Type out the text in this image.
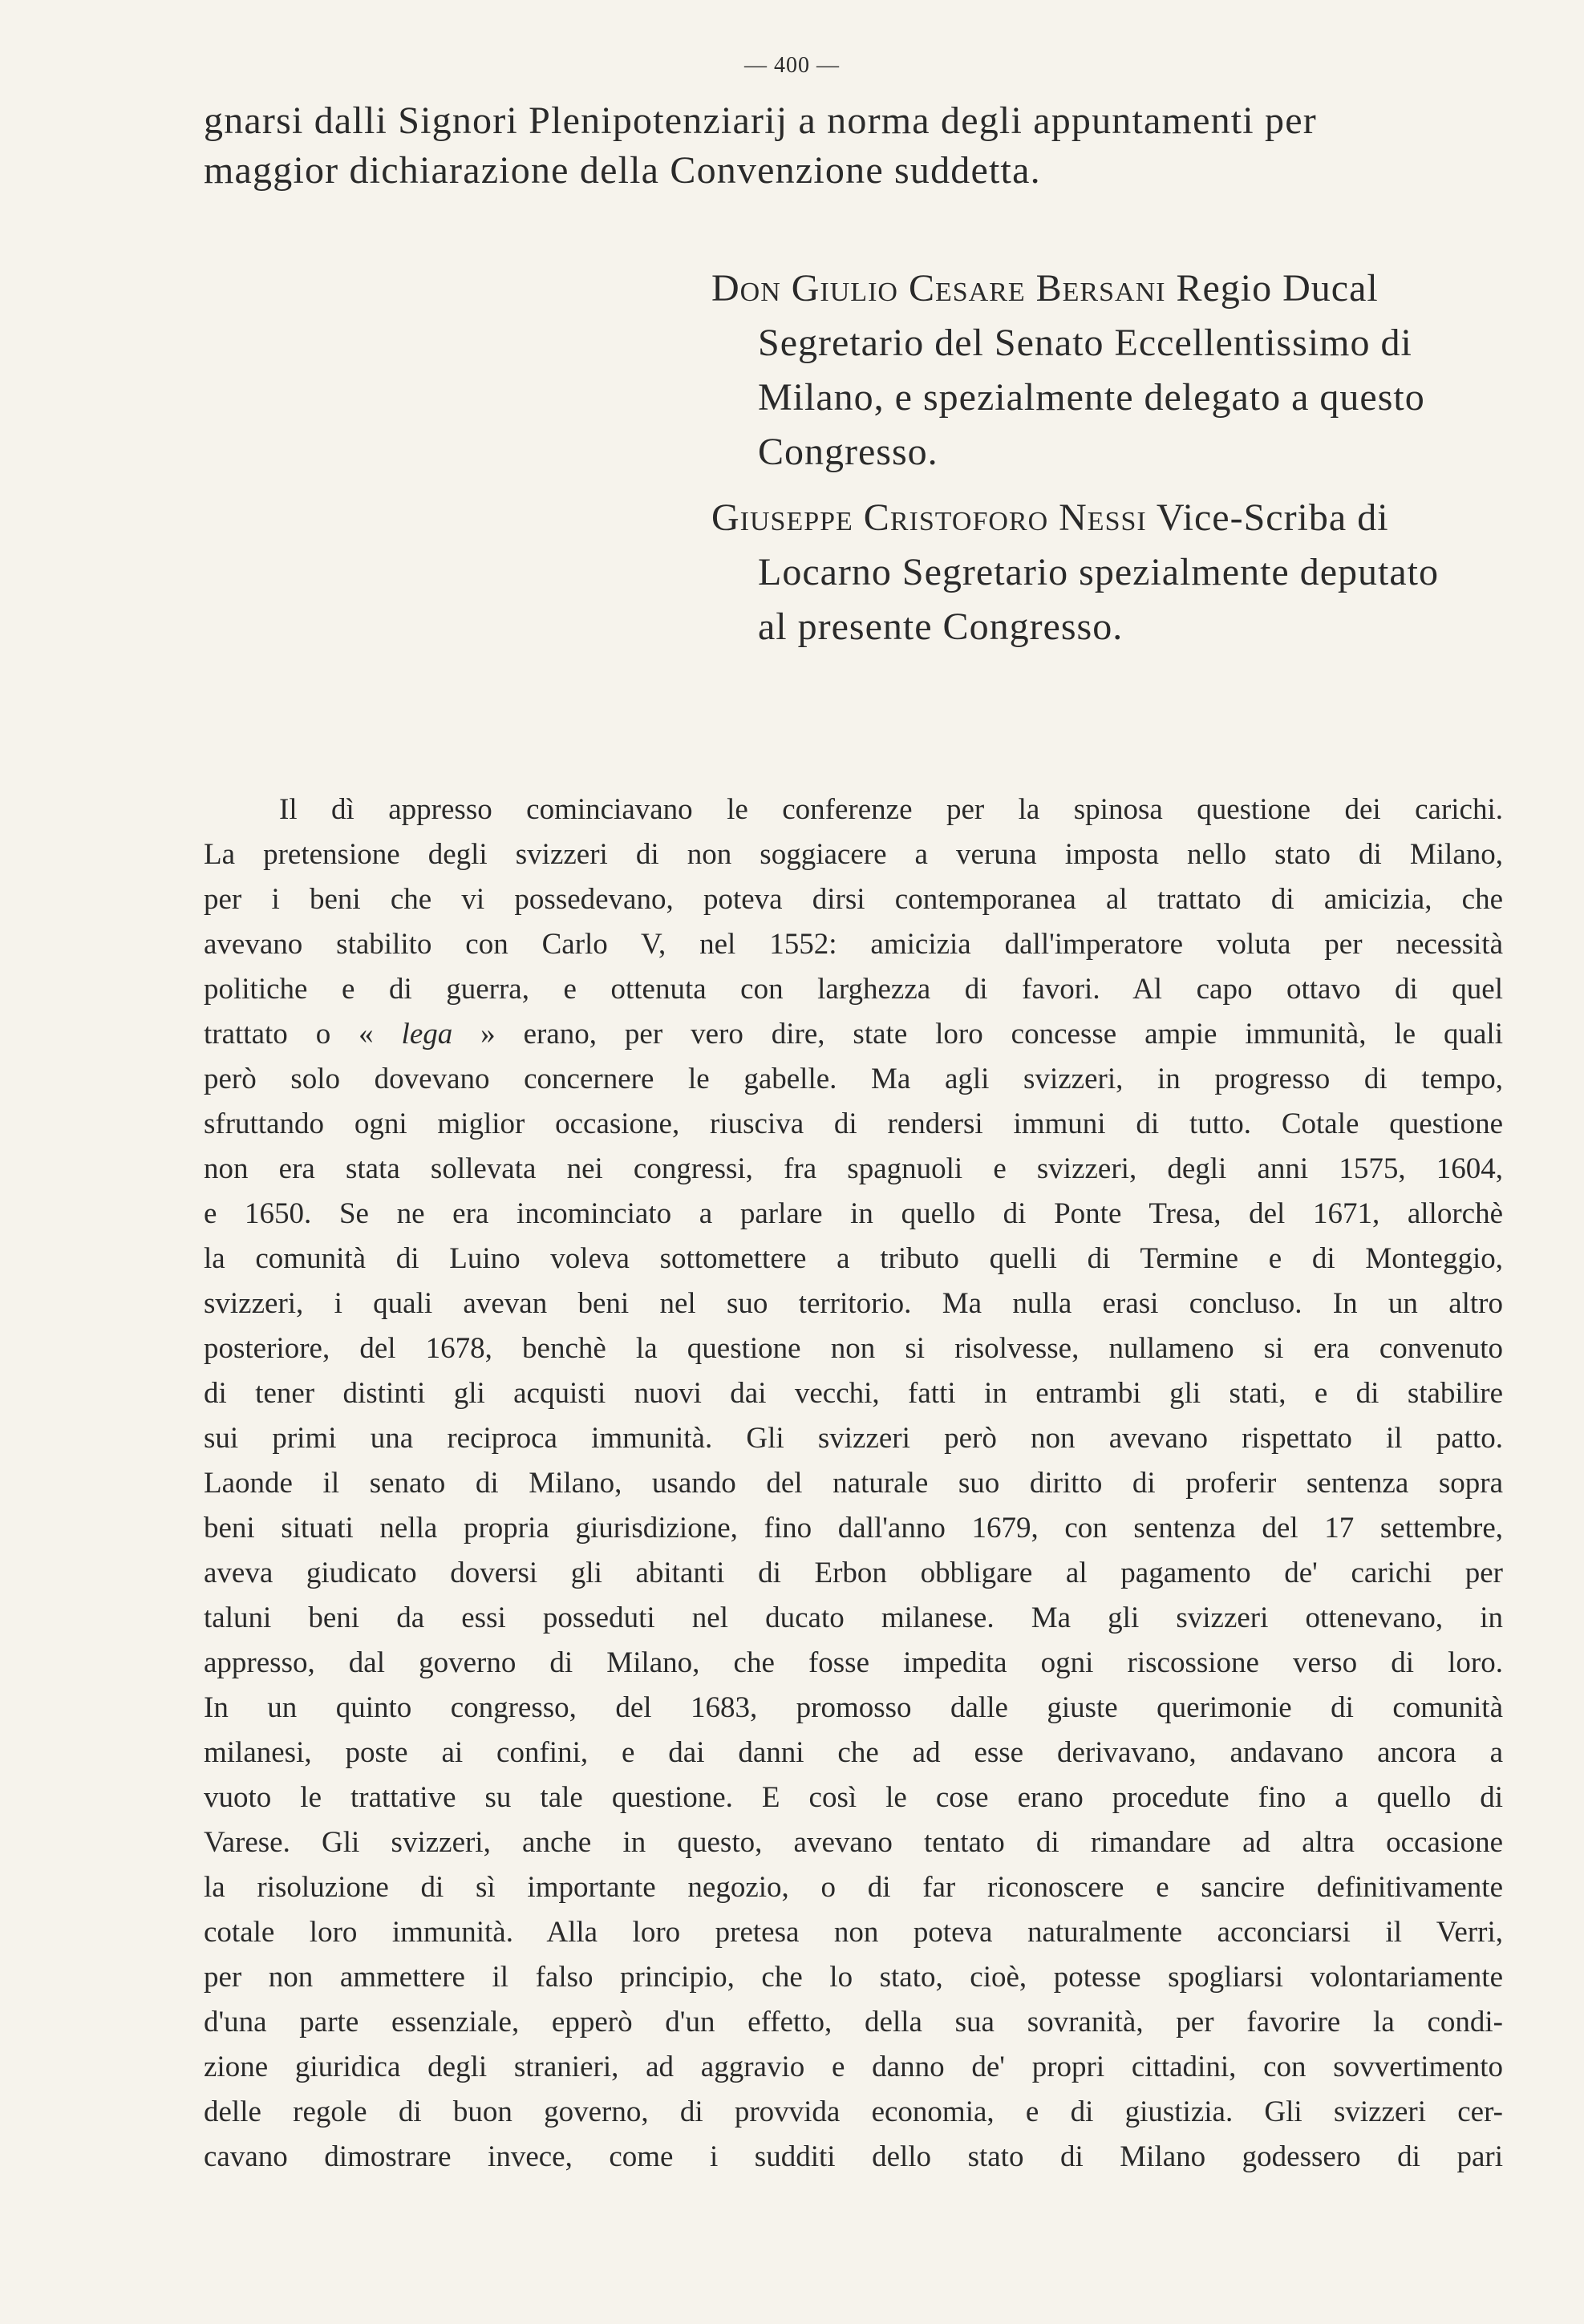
— 400 —
gnarsi dalli Signori Plenipotenziarij a norma degli appuntamenti per
maggior dichiarazione della Convenzione suddetta.
Don Giulio Cesare Bersani Regio Ducal
Segretario del Senato Eccellentissimo di
Milano, e spezialmente delegato a questo
Congresso.
Giuseppe Cristoforo Nessi Vice-Scriba di
Locarno Segretario spezialmente deputato
al presente Congresso.
Il dì appresso cominciavano le conferenze per la spinosa questione dei carichi.
La pretensione degli svizzeri di non soggiacere a veruna imposta nello stato di Milano,
per i beni che vi possedevano, poteva dirsi contemporanea al trattato di amicizia, che
avevano stabilito con Carlo V, nel 1552: amicizia dall'imperatore voluta per necessità
politiche e di guerra, e ottenuta con larghezza di favori. Al capo ottavo di quel
trattato o « lega » erano, per vero dire, state loro concesse ampie immunità, le quali
però solo dovevano concernere le gabelle. Ma agli svizzeri, in progresso di tempo,
sfruttando ogni miglior occasione, riusciva di rendersi immuni di tutto. Cotale questione
non era stata sollevata nei congressi, fra spagnuoli e svizzeri, degli anni 1575, 1604,
e 1650. Se ne era incominciato a parlare in quello di Ponte Tresa, del 1671, allorchè
la comunità di Luino voleva sottomettere a tributo quelli di Termine e di Monteggio,
svizzeri, i quali avevan beni nel suo territorio. Ma nulla erasi concluso. In un altro
posteriore, del 1678, benchè la questione non si risolvesse, nullameno si era convenuto
di tener distinti gli acquisti nuovi dai vecchi, fatti in entrambi gli stati, e di stabilire
sui primi una reciproca immunità. Gli svizzeri però non avevano rispettato il patto.
Laonde il senato di Milano, usando del naturale suo diritto di proferir sentenza sopra
beni situati nella propria giurisdizione, fino dall'anno 1679, con sentenza del 17 settembre,
aveva giudicato doversi gli abitanti di Erbon obbligare al pagamento de' carichi per
taluni beni da essi posseduti nel ducato milanese. Ma gli svizzeri ottenevano, in
appresso, dal governo di Milano, che fosse impedita ogni riscossione verso di loro.
In un quinto congresso, del 1683, promosso dalle giuste querimonie di comunità
milanesi, poste ai confini, e dai danni che ad esse derivavano, andavano ancora a
vuoto le trattative su tale questione. E così le cose erano procedute fino a quello di
Varese. Gli svizzeri, anche in questo, avevano tentato di rimandare ad altra occasione
la risoluzione di sì importante negozio, o di far riconoscere e sancire definitivamente
cotale loro immunità. Alla loro pretesa non poteva naturalmente acconciarsi il Verri,
per non ammettere il falso principio, che lo stato, cioè, potesse spogliarsi volontariamente
d'una parte essenziale, epperò d'un effetto, della sua sovranità, per favorire la condi-
zione giuridica degli stranieri, ad aggravio e danno de' propri cittadini, con sovvertimento
delle regole di buon governo, di provvida economia, e di giustizia. Gli svizzeri cer-
cavano dimostrare invece, come i sudditi dello stato di Milano godessero di pari
